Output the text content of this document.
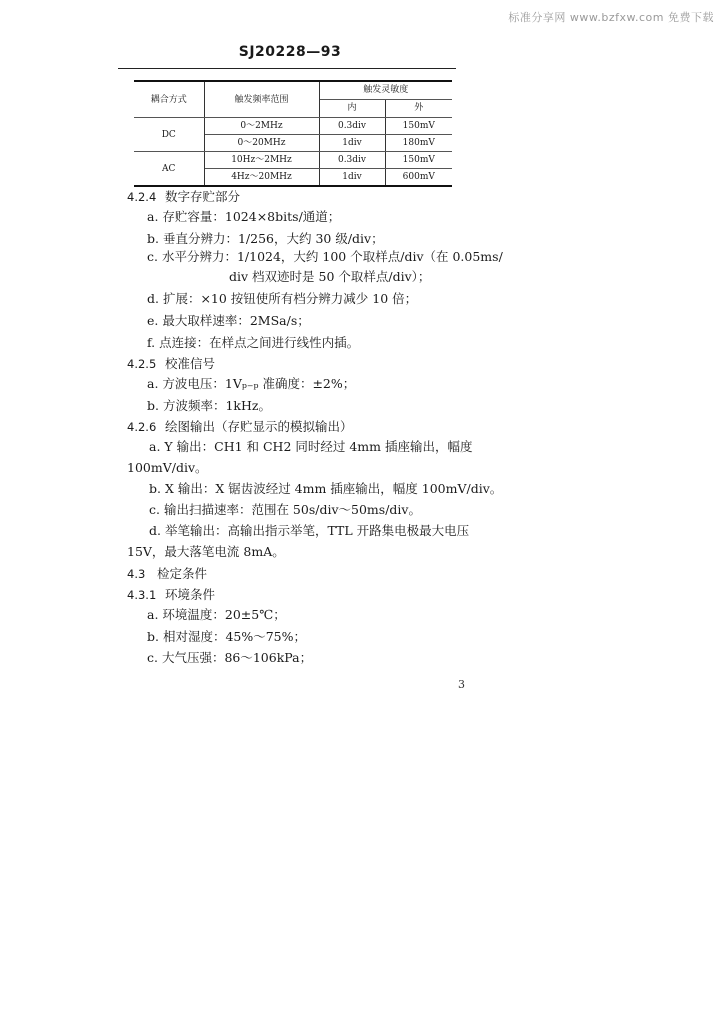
标准分享网 www.bzfxw.com 免费下载
SJ20228—93
耦合方式	触发频率范围	触发灵敏度	
		内	外
DC	0～2MHz	0.3div	150mV
	0～20MHz	1div	180mV
AC	10Hz～2MHz	0.3div	150mV
	4Hz～20MHz	1div	600mV
4.2.4 数字存贮部分
a. 存贮容量：1024×8bits/通道；
b. 垂直分辨力：1/256，大约 30 级/div；
c. 水平分辨力：1/1024，大约 100 个取样点/div（在 0.05ms/
div 档双迹时是 50 个取样点/div）；
d. 扩展：×10 按钮使所有档分辨力减少 10 倍；
e. 最大取样速率：2MSa/s；
f. 点连接：在样点之间进行线性内插。
4.2.5 校准信号
a. 方波电压：1Vₚ₋ₚ 准确度：±2%；
b. 方波频率：1kHz。
4.2.6 绘图输出（存贮显示的模拟输出）
a. Y 输出：CH1 和 CH2 同时经过 4mm 插座输出，幅度
100mV/div。
b. X 输出：X 锯齿波经过 4mm 插座输出，幅度 100mV/div。
c. 输出扫描速率：范围在 50s/div～50ms/div。
d. 举笔输出：高输出指示举笔，TTL 开路集电极最大电压
15V，最大落笔电流 8mA。
4.3 检定条件
4.3.1 环境条件
a. 环境温度：20±5℃；
b. 相对湿度：45%～75%；
c. 大气压强：86～106kPa；
3
